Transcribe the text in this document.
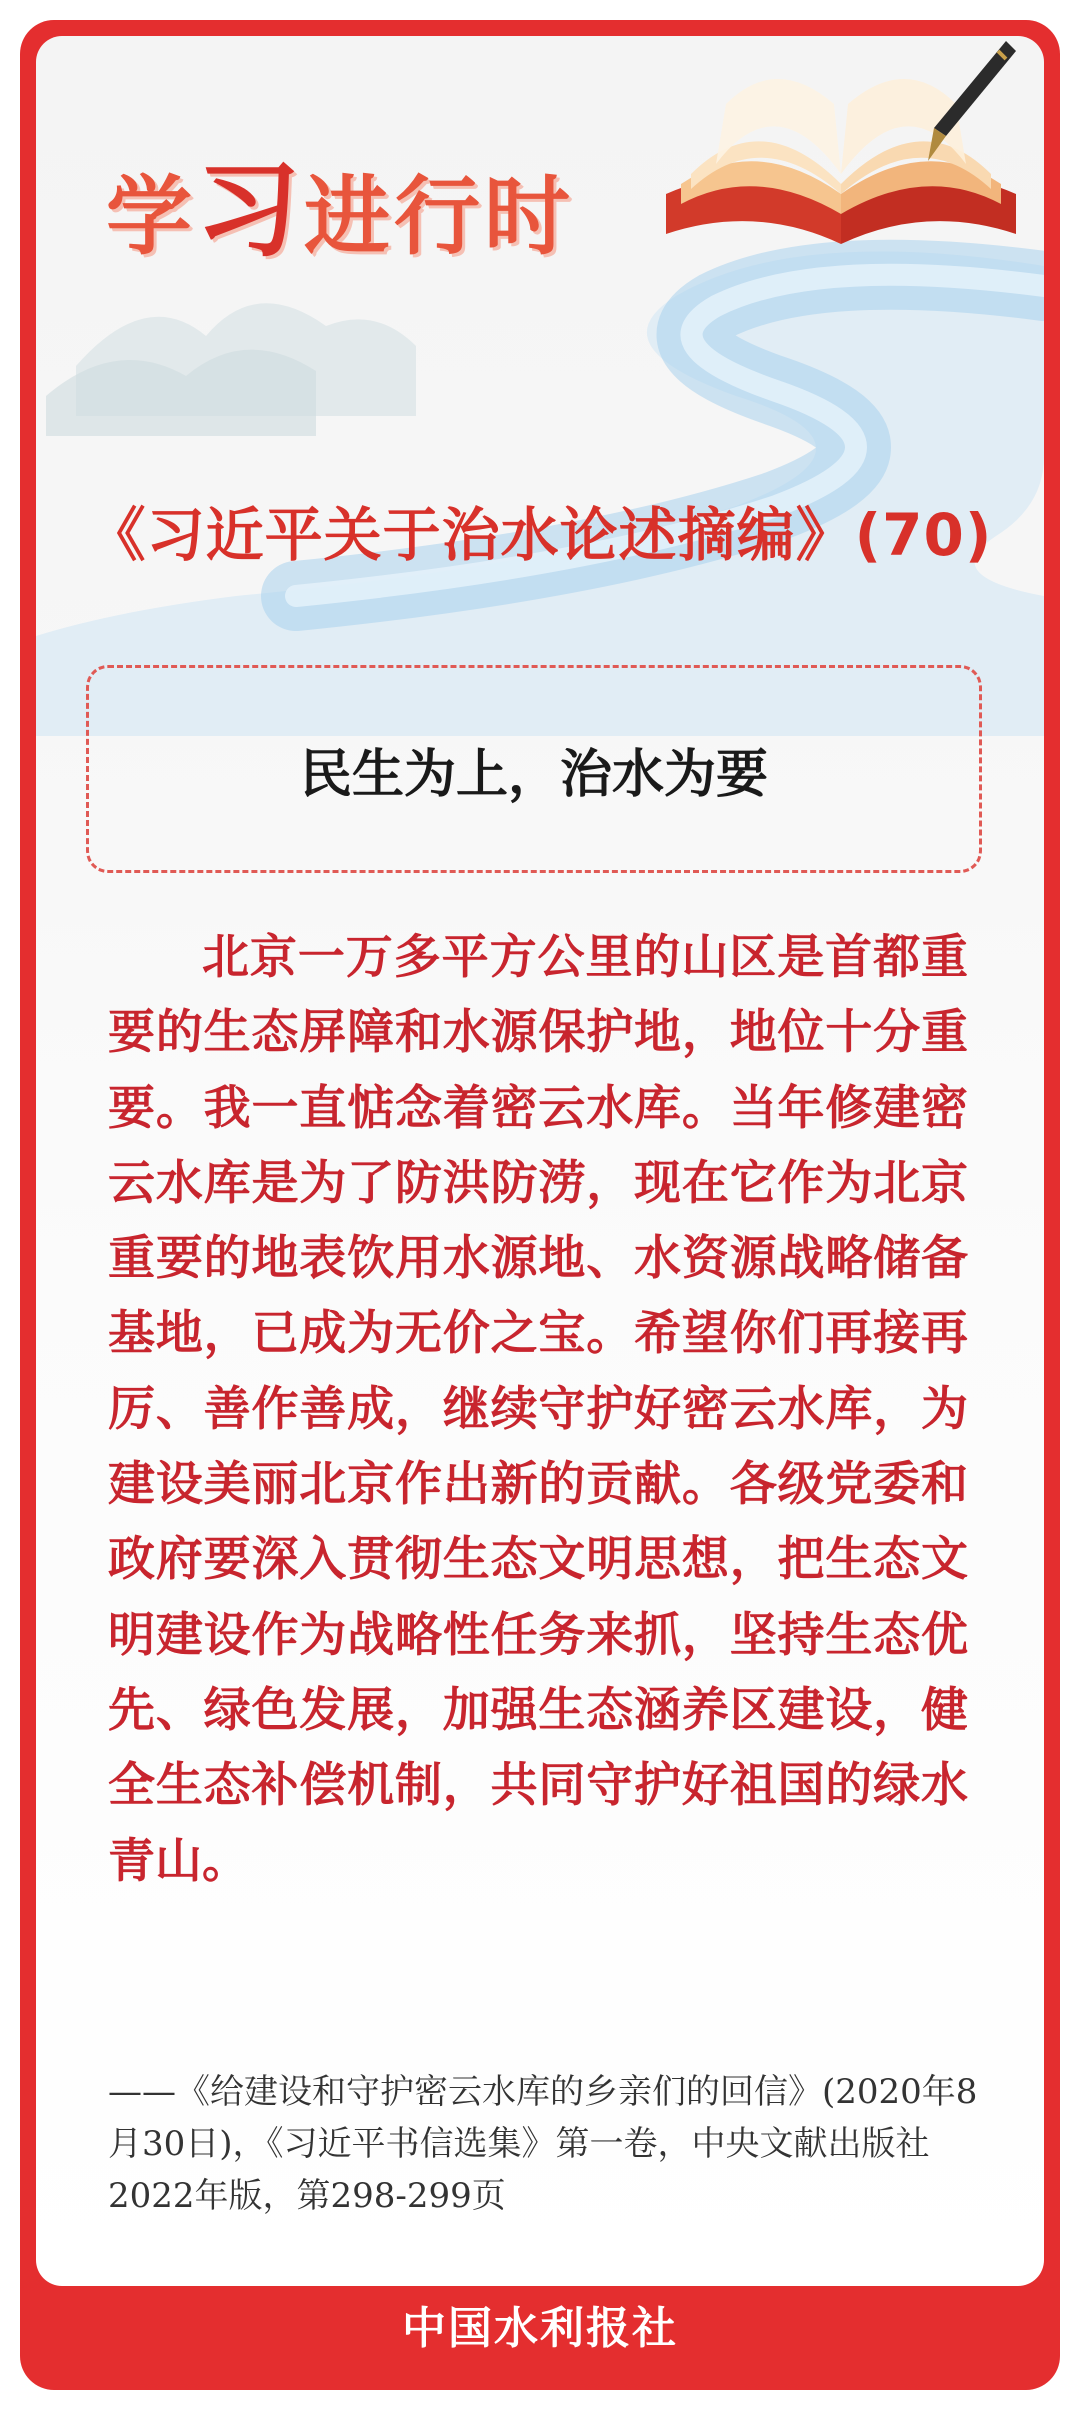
学习进行时
《习近平关于治水论述摘编》(70)
民生为上，治水为要

北京一万多平方公里的山区是首都重要的生态屏障和水源保护地，地位十分重要。我一直惦念着密云水库。当年修建密云水库是为了防洪防涝，现在它作为北京重要的地表饮用水源地、水资源战略储备基地，已成为无价之宝。希望你们再接再厉、善作善成，继续守护好密云水库，为建设美丽北京作出新的贡献。各级党委和政府要深入贯彻生态文明思想，把生态文明建设作为战略性任务来抓，坚持生态优先、绿色发展，加强生态涵养区建设，健全生态补偿机制，共同守护好祖国的绿水青山。

——《给建设和守护密云水库的乡亲们的回信》(2020年8月30日)，《习近平书信选集》第一卷，中央文献出版社2022年版，第298-299页

中国水利报社
